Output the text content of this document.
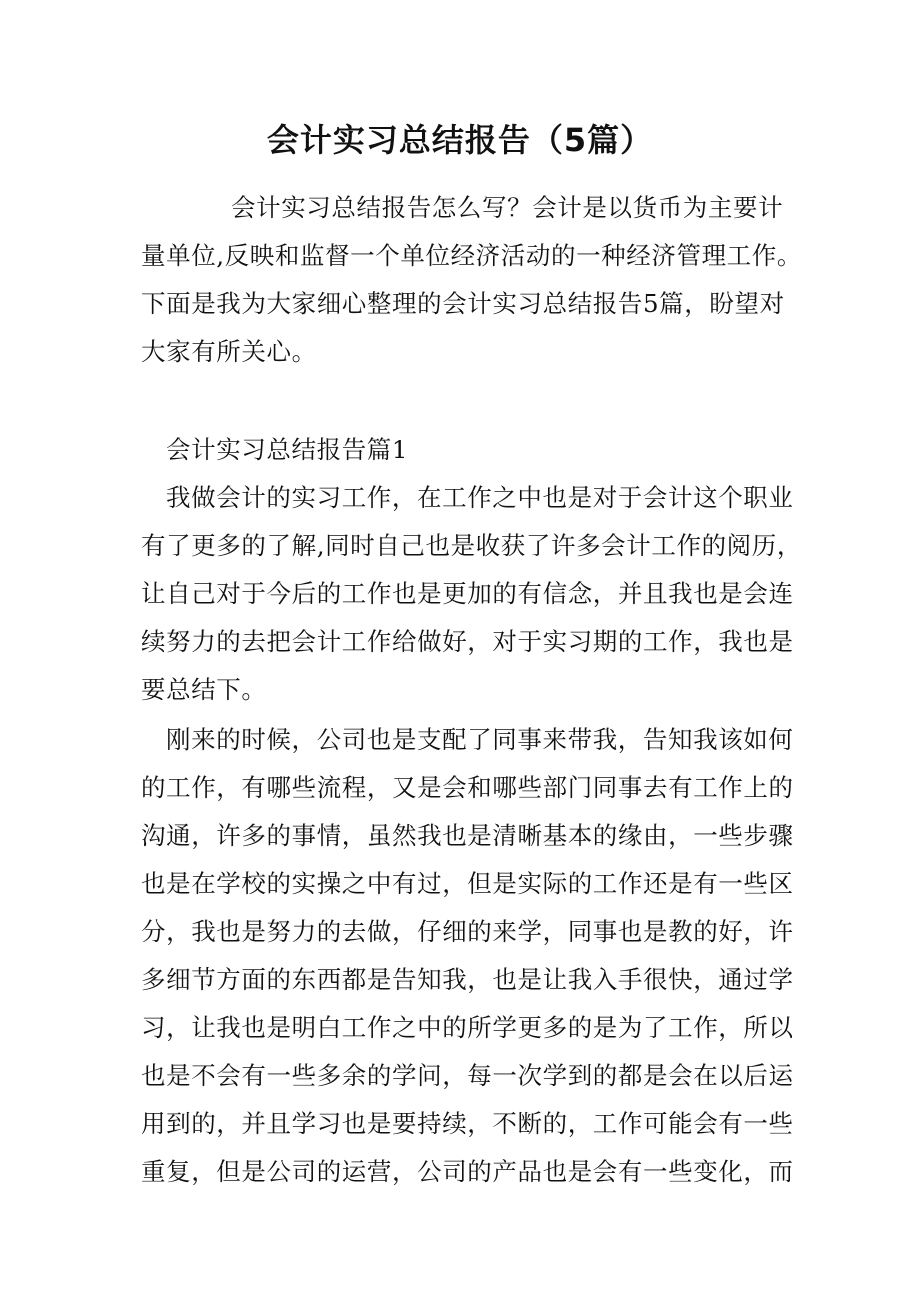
会计实习总结报告（5篇）
会计实习总结报告怎么写？会计是以货币为主要计
量单位,反映和监督一个单位经济活动的一种经济管理工作。
下面是我为大家细心整理的会计实习总结报告5篇，盼望对
大家有所关心。
会计实习总结报告篇1
我做会计的实习工作，在工作之中也是对于会计这个职业
有了更多的了解,同时自己也是收获了许多会计工作的阅历，
让自己对于今后的工作也是更加的有信念，并且我也是会连
续努力的去把会计工作给做好，对于实习期的工作，我也是
要总结下。
刚来的时候，公司也是支配了同事来带我，告知我该如何
的工作，有哪些流程，又是会和哪些部门同事去有工作上的
沟通，许多的事情，虽然我也是清晰基本的缘由，一些步骤
也是在学校的实操之中有过，但是实际的工作还是有一些区
分，我也是努力的去做，仔细的来学，同事也是教的好，许
多细节方面的东西都是告知我，也是让我入手很快，通过学
习，让我也是明白工作之中的所学更多的是为了工作，所以
也是不会有一些多余的学问，每一次学到的都是会在以后运
用到的，并且学习也是要持续，不断的，工作可能会有一些
重复，但是公司的运营，公司的产品也是会有一些变化，而
